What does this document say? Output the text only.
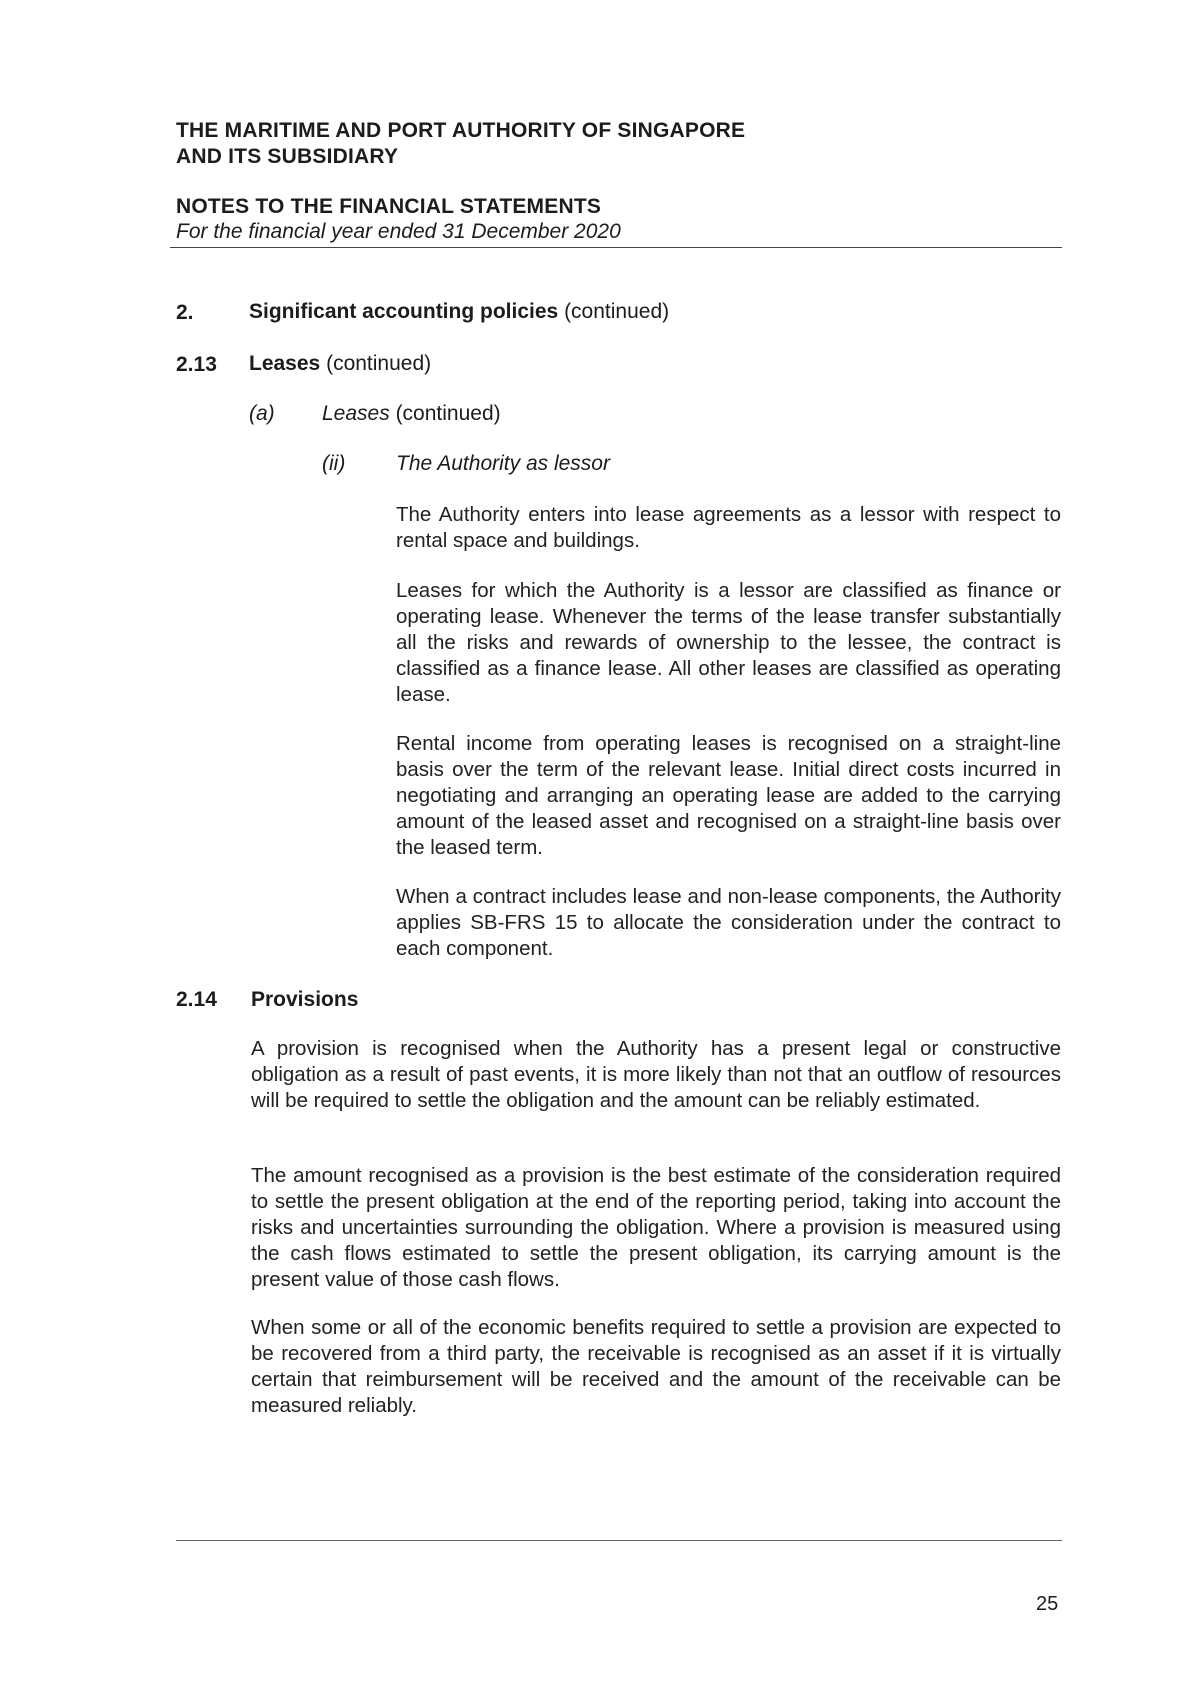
THE MARITIME AND PORT AUTHORITY OF SINGAPORE
AND ITS SUBSIDIARY
NOTES TO THE FINANCIAL STATEMENTS
For the financial year ended 31 December 2020
2.	Significant accounting policies (continued)
2.13 Leases (continued)
(a) Leases (continued)
(ii) The Authority as lessor
The Authority enters into lease agreements as a lessor with respect to rental space and buildings.
Leases for which the Authority is a lessor are classified as finance or operating lease. Whenever the terms of the lease transfer substantially all the risks and rewards of ownership to the lessee, the contract is classified as a finance lease. All other leases are classified as operating lease.
Rental income from operating leases is recognised on a straight-line basis over the term of the relevant lease. Initial direct costs incurred in negotiating and arranging an operating lease are added to the carrying amount of the leased asset and recognised on a straight-line basis over the leased term.
When a contract includes lease and non-lease components, the Authority applies SB-FRS 15 to allocate the consideration under the contract to each component.
2.14 Provisions
A provision is recognised when the Authority has a present legal or constructive obligation as a result of past events, it is more likely than not that an outflow of resources will be required to settle the obligation and the amount can be reliably estimated.
The amount recognised as a provision is the best estimate of the consideration required to settle the present obligation at the end of the reporting period, taking into account the risks and uncertainties surrounding the obligation. Where a provision is measured using the cash flows estimated to settle the present obligation, its carrying amount is the present value of those cash flows.
When some or all of the economic benefits required to settle a provision are expected to be recovered from a third party, the receivable is recognised as an asset if it is virtually certain that reimbursement will be received and the amount of the receivable can be measured reliably.
25
